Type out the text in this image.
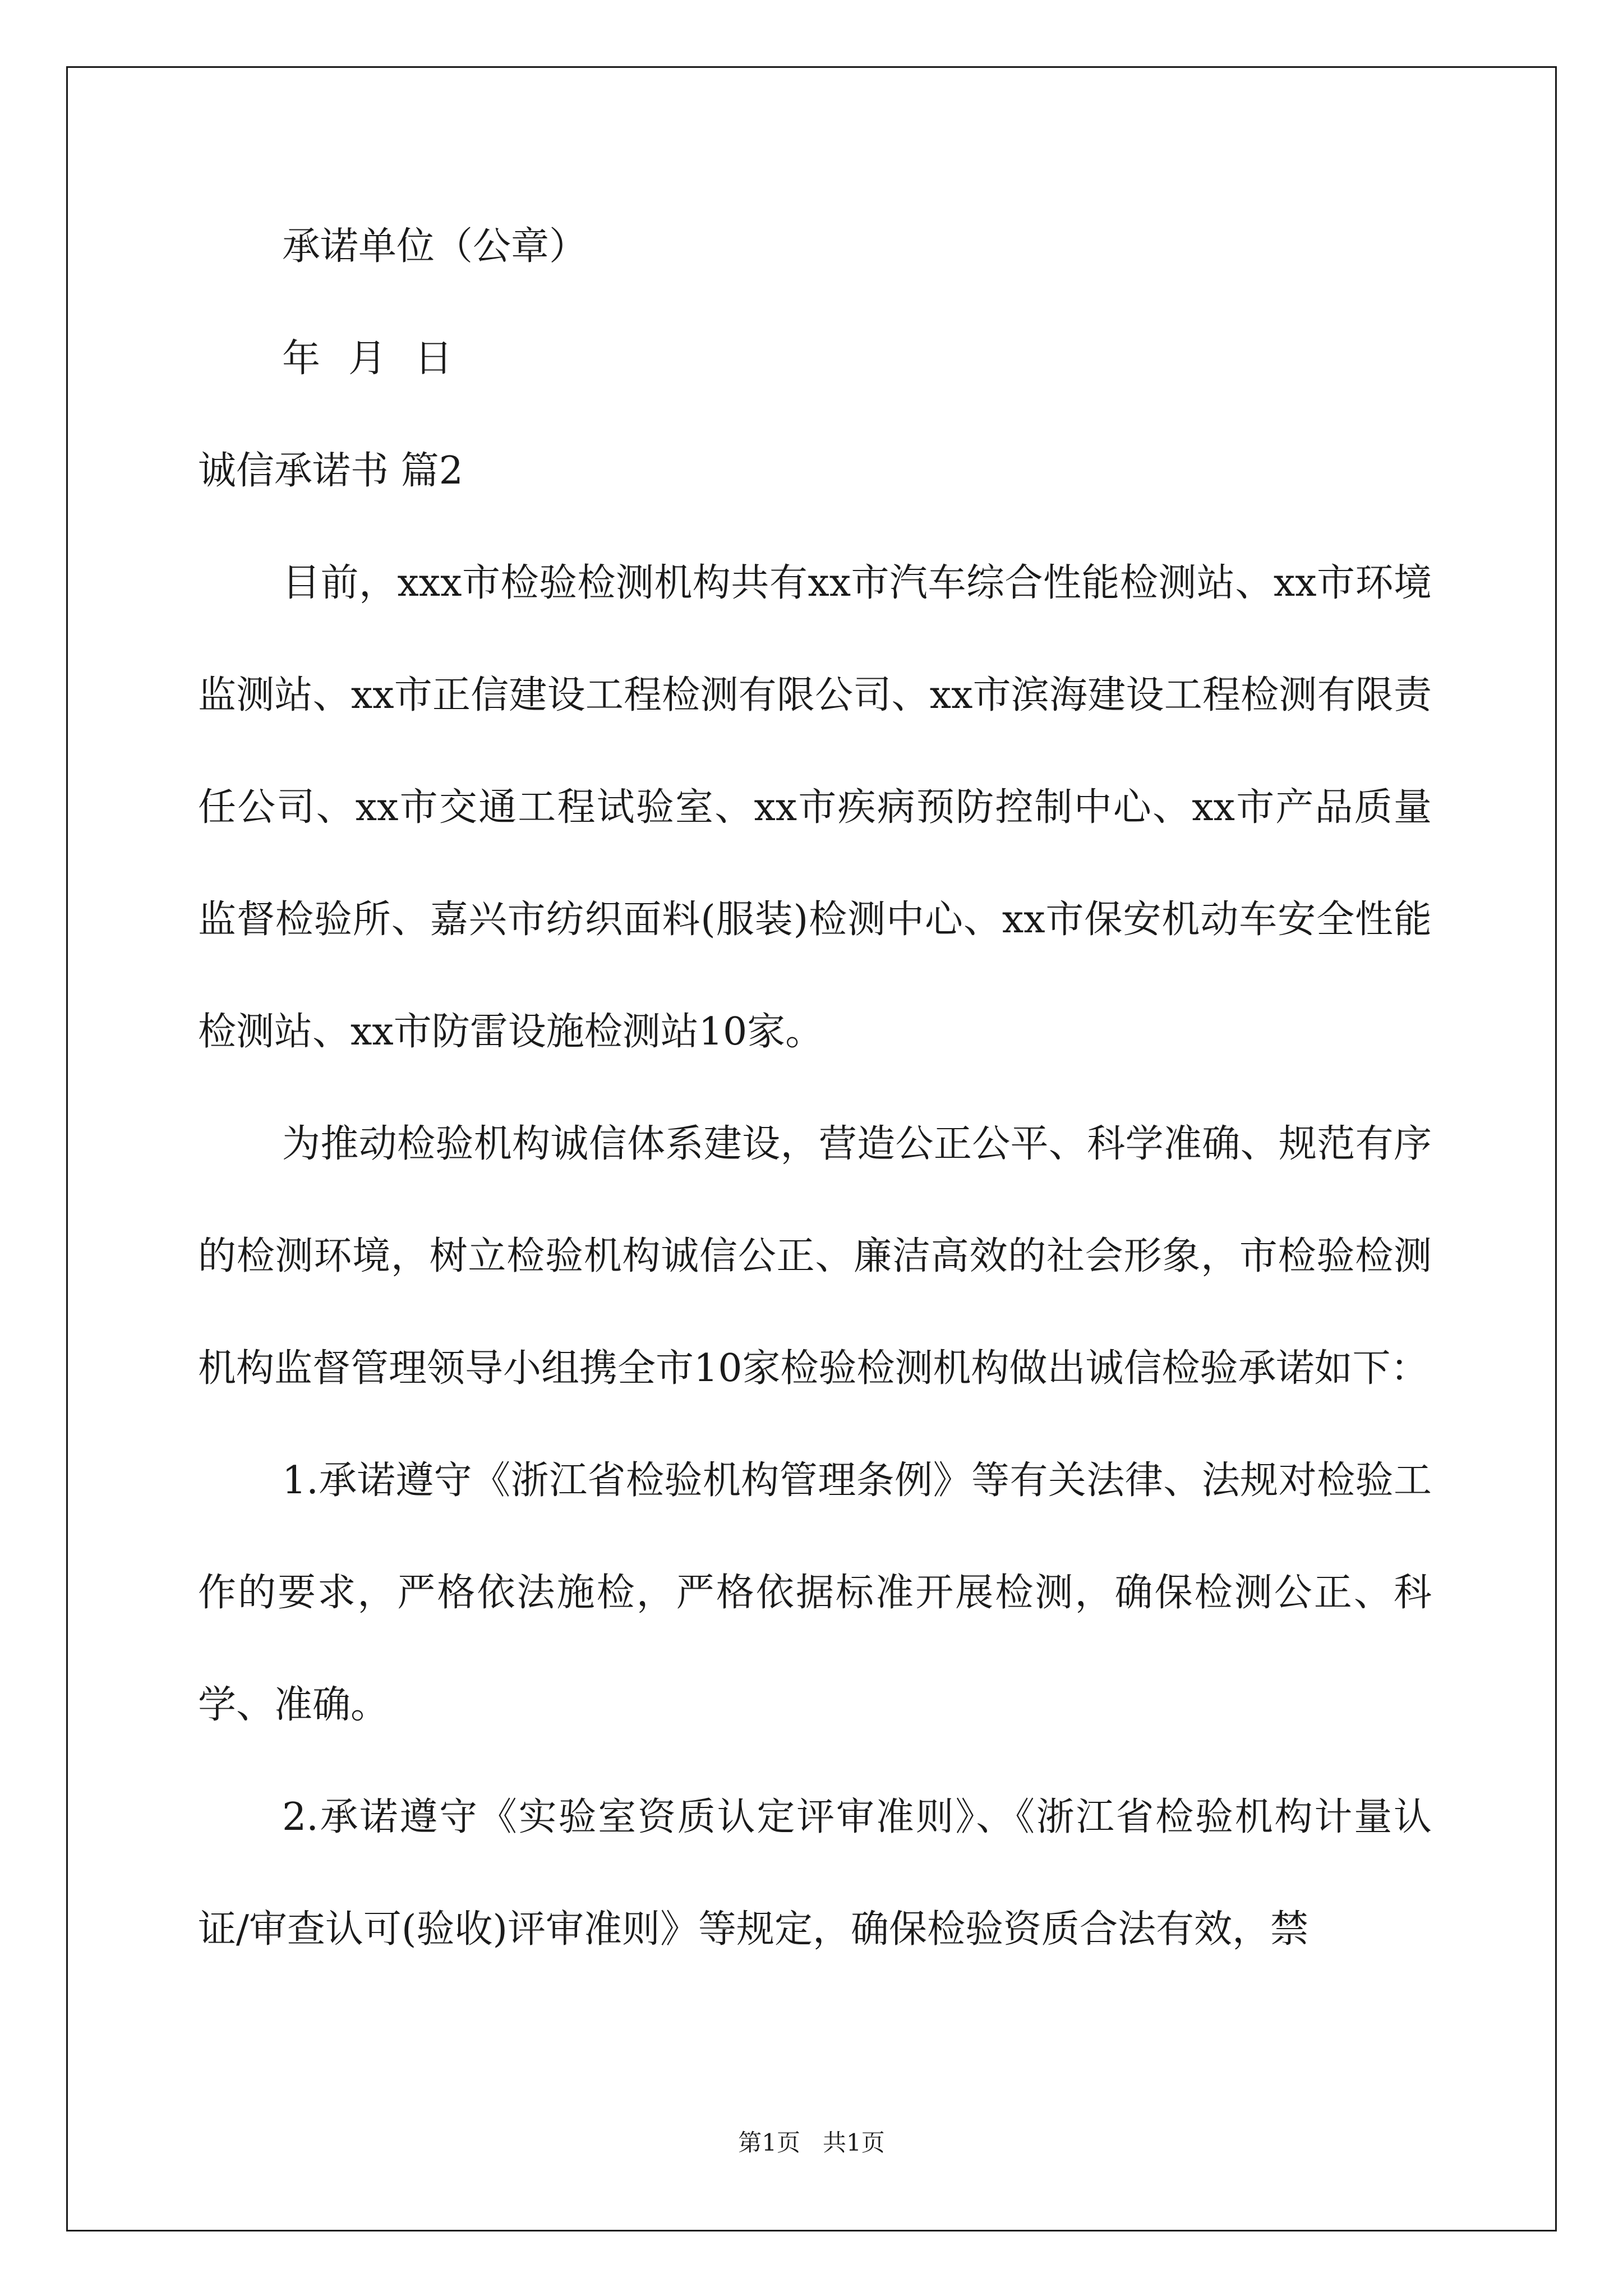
承诺单位（公章）
年 月 日
诚信承诺书 篇2

目前，xxx市检验检测机构共有xx市汽车综合性能检测站、xx市环境监测站、xx市正信建设工程检测有限公司、xx市滨海建设工程检测有限责任公司、xx市交通工程试验室、xx市疾病预防控制中心、xx市产品质量监督检验所、嘉兴市纺织面料(服装)检测中心、xx市保安机动车安全性能检测站、xx市防雷设施检测站10家。

为推动检验机构诚信体系建设，营造公正公平、科学准确、规范有序的检测环境，树立检验机构诚信公正、廉洁高效的社会形象，市检验检测机构监督管理领导小组携全市10家检验检测机构做出诚信检验承诺如下：

1.承诺遵守《浙江省检验机构管理条例》等有关法律、法规对检验工作的要求，严格依法施检，严格依据标准开展检测，确保检测公正、科学、准确。

2.承诺遵守《实验室资质认定评审准则》、《浙江省检验机构计量认证/审查认可(验收)评审准则》等规定，确保检验资质合法有效，禁

第1页 共1页
